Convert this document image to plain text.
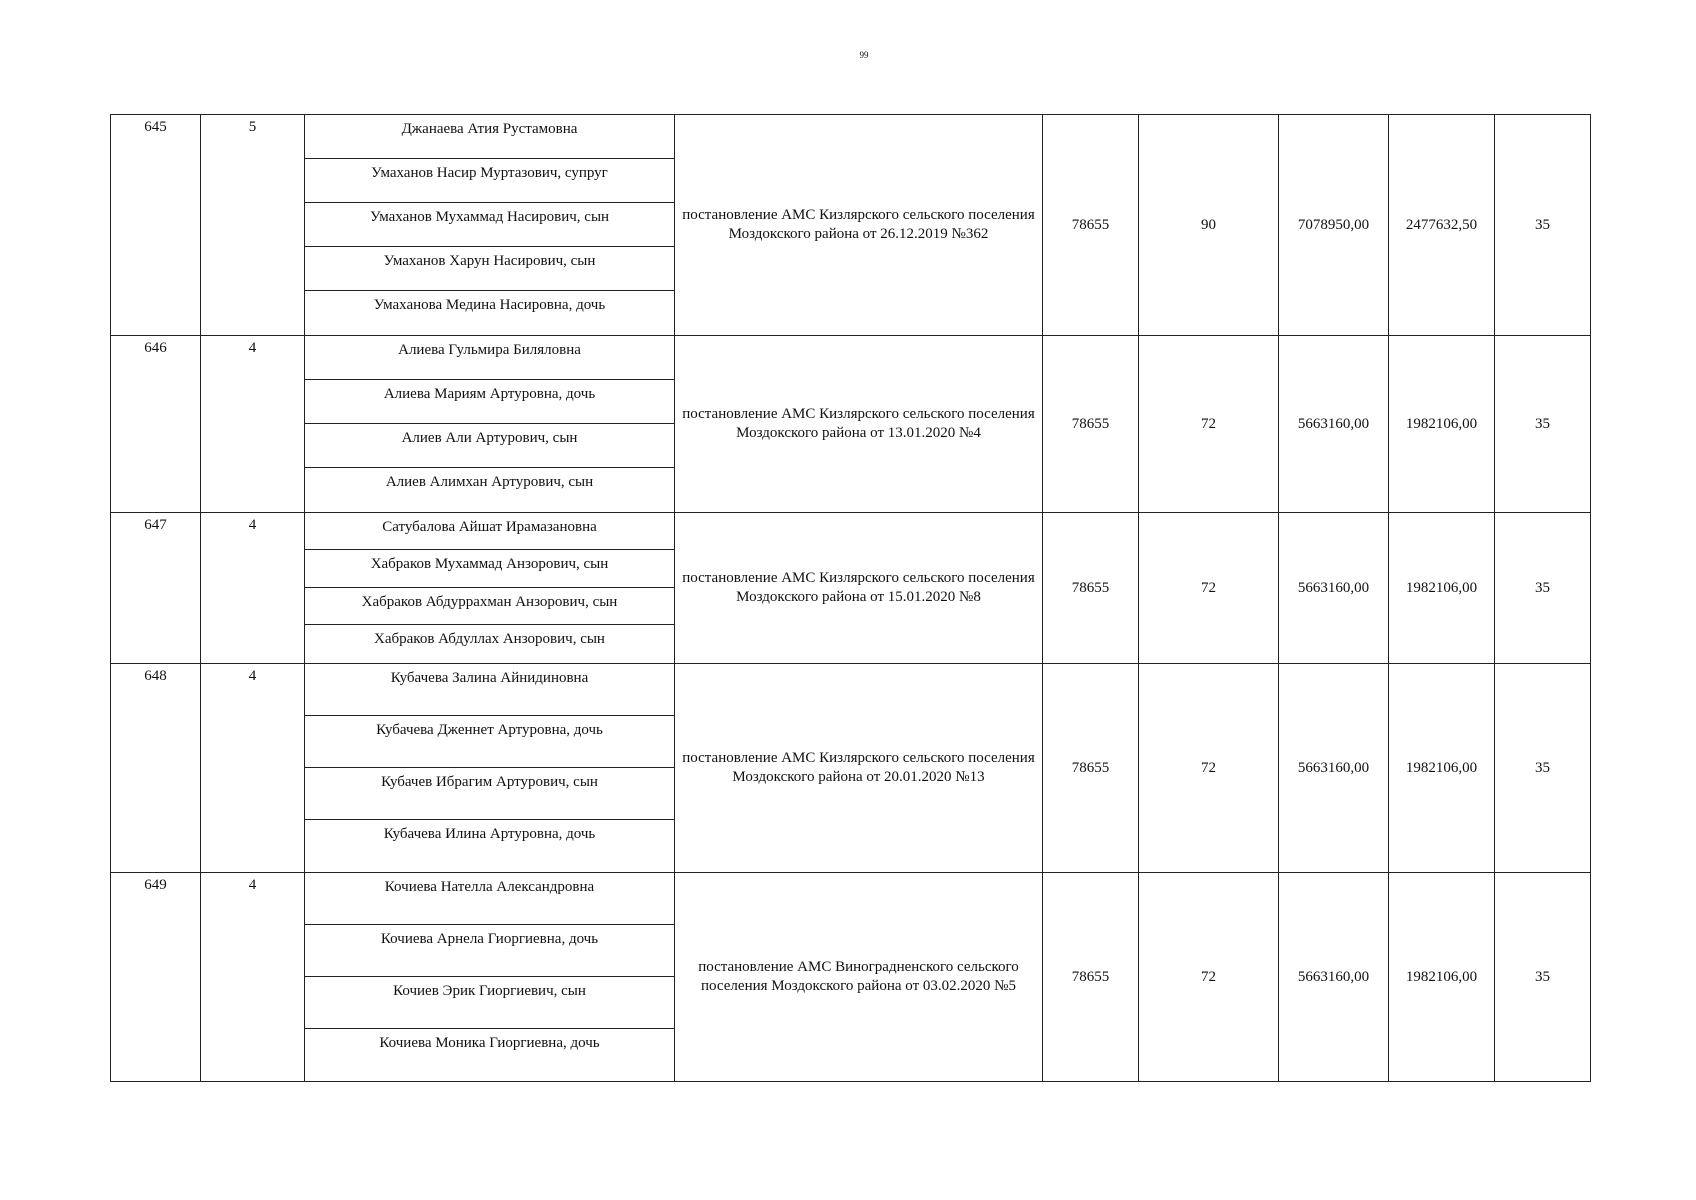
99
645	5	Джанаева Атия Рустамовна
Умаханов Насир Муртазович, супруг
Умаханов Мухаммад Насирович, сын
Умаханов Харун Насирович, сын
Умаханова Медина Насировна, дочь	постановление АМС Кизлярского сельского поселения Моздокского района от 26.12.2019 №362	78655	90	7078950,00	2477632,50	35
646	4	Алиева Гульмира Биляловна
Алиева Мариям Артуровна, дочь
Алиев Али Артурович, сын
Алиев Алимхан Артурович, сын	постановление АМС Кизлярского сельского поселения Моздокского района от 13.01.2020 №4	78655	72	5663160,00	1982106,00	35
647	4	Сатубалова Айшат Ирамазановна
Хабраков Мухаммад Анзорович, сын
Хабраков Абдуррахман Анзорович, сын
Хабраков Абдуллах Анзорович, сын	постановление АМС Кизлярского сельского поселения Моздокского района от 15.01.2020 №8	78655	72	5663160,00	1982106,00	35
648	4	Кубачева Залина Айнидиновна
Кубачева Дженнет Артуровна, дочь
Кубачев Ибрагим Артурович, сын
Кубачева Илина Артуровна, дочь	постановление АМС Кизлярского сельского поселения Моздокского района от 20.01.2020 №13	78655	72	5663160,00	1982106,00	35
649	4	Кочиева Нателла Александровна
Кочиева Арнела Гиоргиевна, дочь
Кочиев Эрик Гиоргиевич, сын
Кочиева Моника Гиоргиевна, дочь	постановление АМС Виноградненского сельского поселения Моздокского района от 03.02.2020 №5	78655	72	5663160,00	1982106,00	35
